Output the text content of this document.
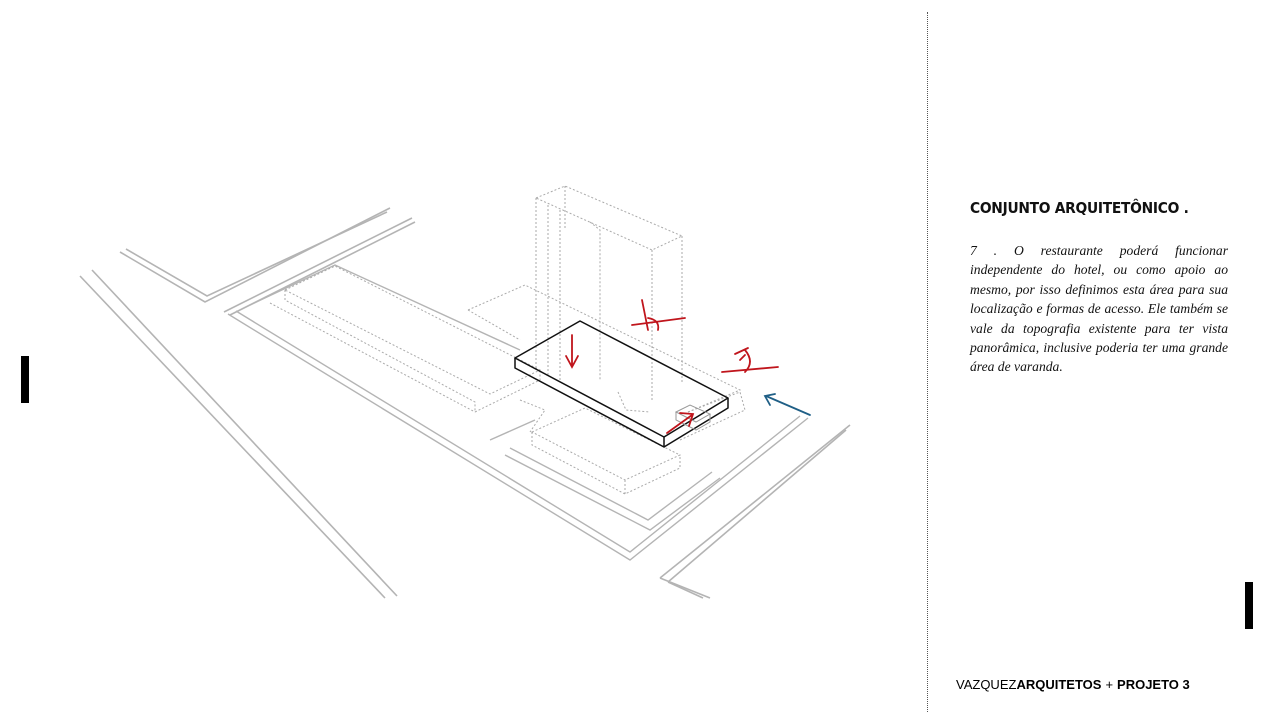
CONJUNTO ARQUITETÔNICO .

7 . O restaurante poderá funcionar independente do hotel, ou como apoio ao mesmo, por isso definimos esta área para sua localização e formas de acesso. Ele também se vale da topografia existente para ter vista panorâmica, inclusive poderia ter uma grande área de varanda.

VAZQUEZARQUITETOS + PROJETO 3
